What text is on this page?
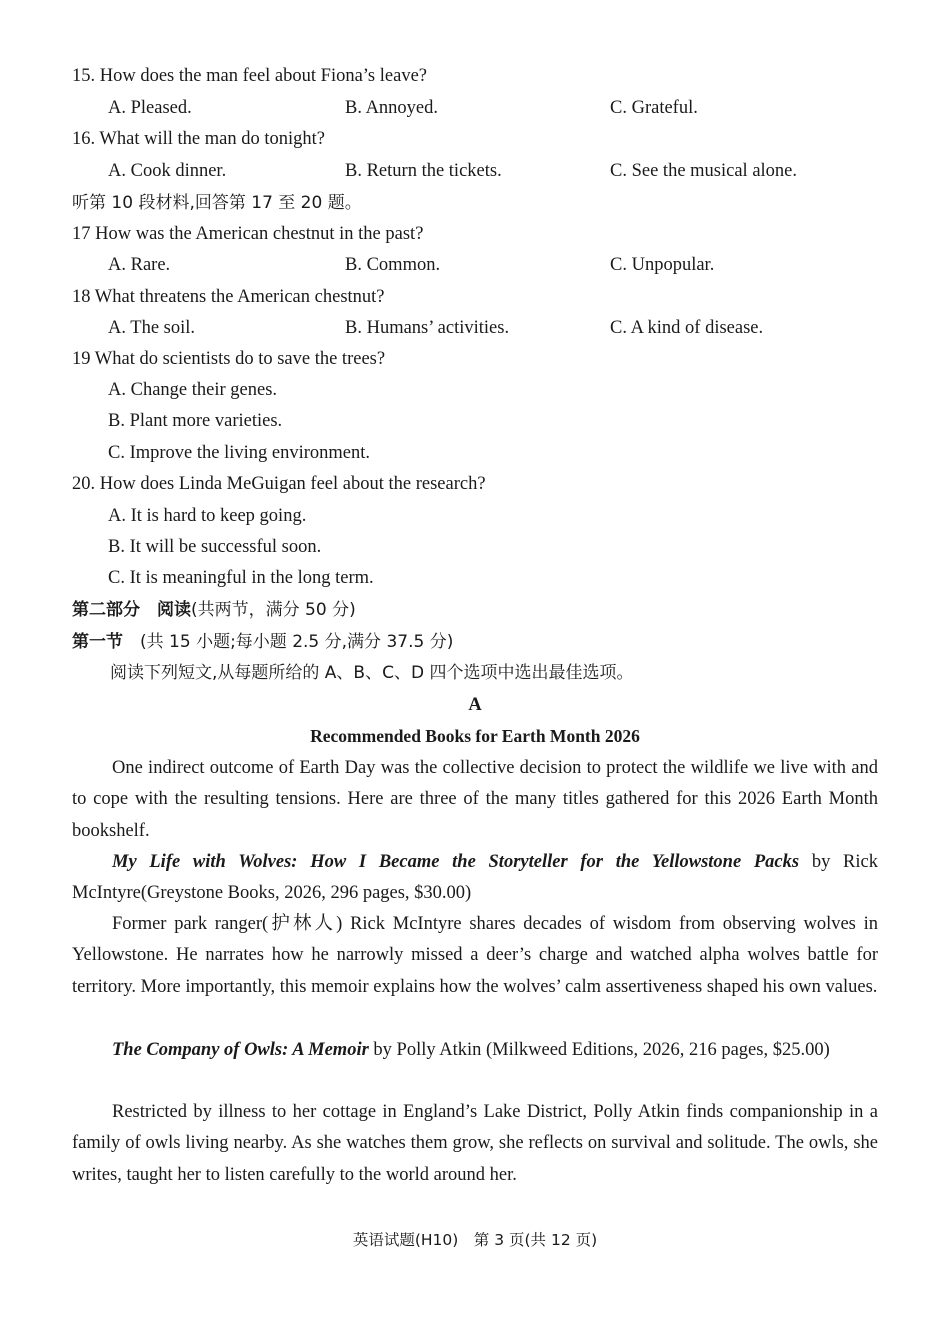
15. How does the man feel about Fiona’s leave?
A. Pleased.	B. Annoyed.	C. Grateful.
16. What will the man do tonight?
A. Cook dinner.	B. Return the tickets.	C. See the musical alone.
听第 10 段材料,回答第 17 至 20 题。
17 How was the American chestnut in the past?
A. Rare.	B. Common.	C. Unpopular.
18 What threatens the American chestnut?
A. The soil.	B. Humans’ activities.	C. A kind of disease.
19 What do scientists do to save the trees?
A. Change their genes.
B. Plant more varieties.
C. Improve the living environment.
20. How does Linda MeGuigan feel about the research?
A. It is hard to keep going.
B. It will be successful soon.
C. It is meaningful in the long term.
第二部分　阅读(共两节，满分 50 分)
第一节　 (共 15 小题;每小题 2.5 分,满分 37.5 分)
阅读下列短文,从每题所给的 A、B、C、D 四个选项中选出最佳选项。
A
Recommended Books for Earth Month 2026
One indirect outcome of Earth Day was the collective decision to protect the wildlife we live with and to cope with the resulting tensions. Here are three of the many titles gathered for this 2026 Earth Month bookshelf.
My Life with Wolves: How I Became the Storyteller for the Yellowstone Packs by Rick McIntyre(Greystone Books, 2026, 296 pages, $30.00)
Former park ranger(护林人) Rick McIntyre shares decades of wisdom from observing wolves in Yellowstone. He narrates how he narrowly missed a deer’s charge and watched alpha wolves battle for territory. More importantly, this memoir explains how the wolves’ calm assertiveness shaped his own values.
The Company of Owls: A Memoir by Polly Atkin (Milkweed Editions, 2026, 216 pages, $25.00)
Restricted by illness to her cottage in England’s Lake District, Polly Atkin finds companionship in a family of owls living nearby. As she watches them grow, she reflects on survival and solitude. The owls, she writes, taught her to listen carefully to the world around her.
英语试题(H10)　第 3 页(共 12 页)
